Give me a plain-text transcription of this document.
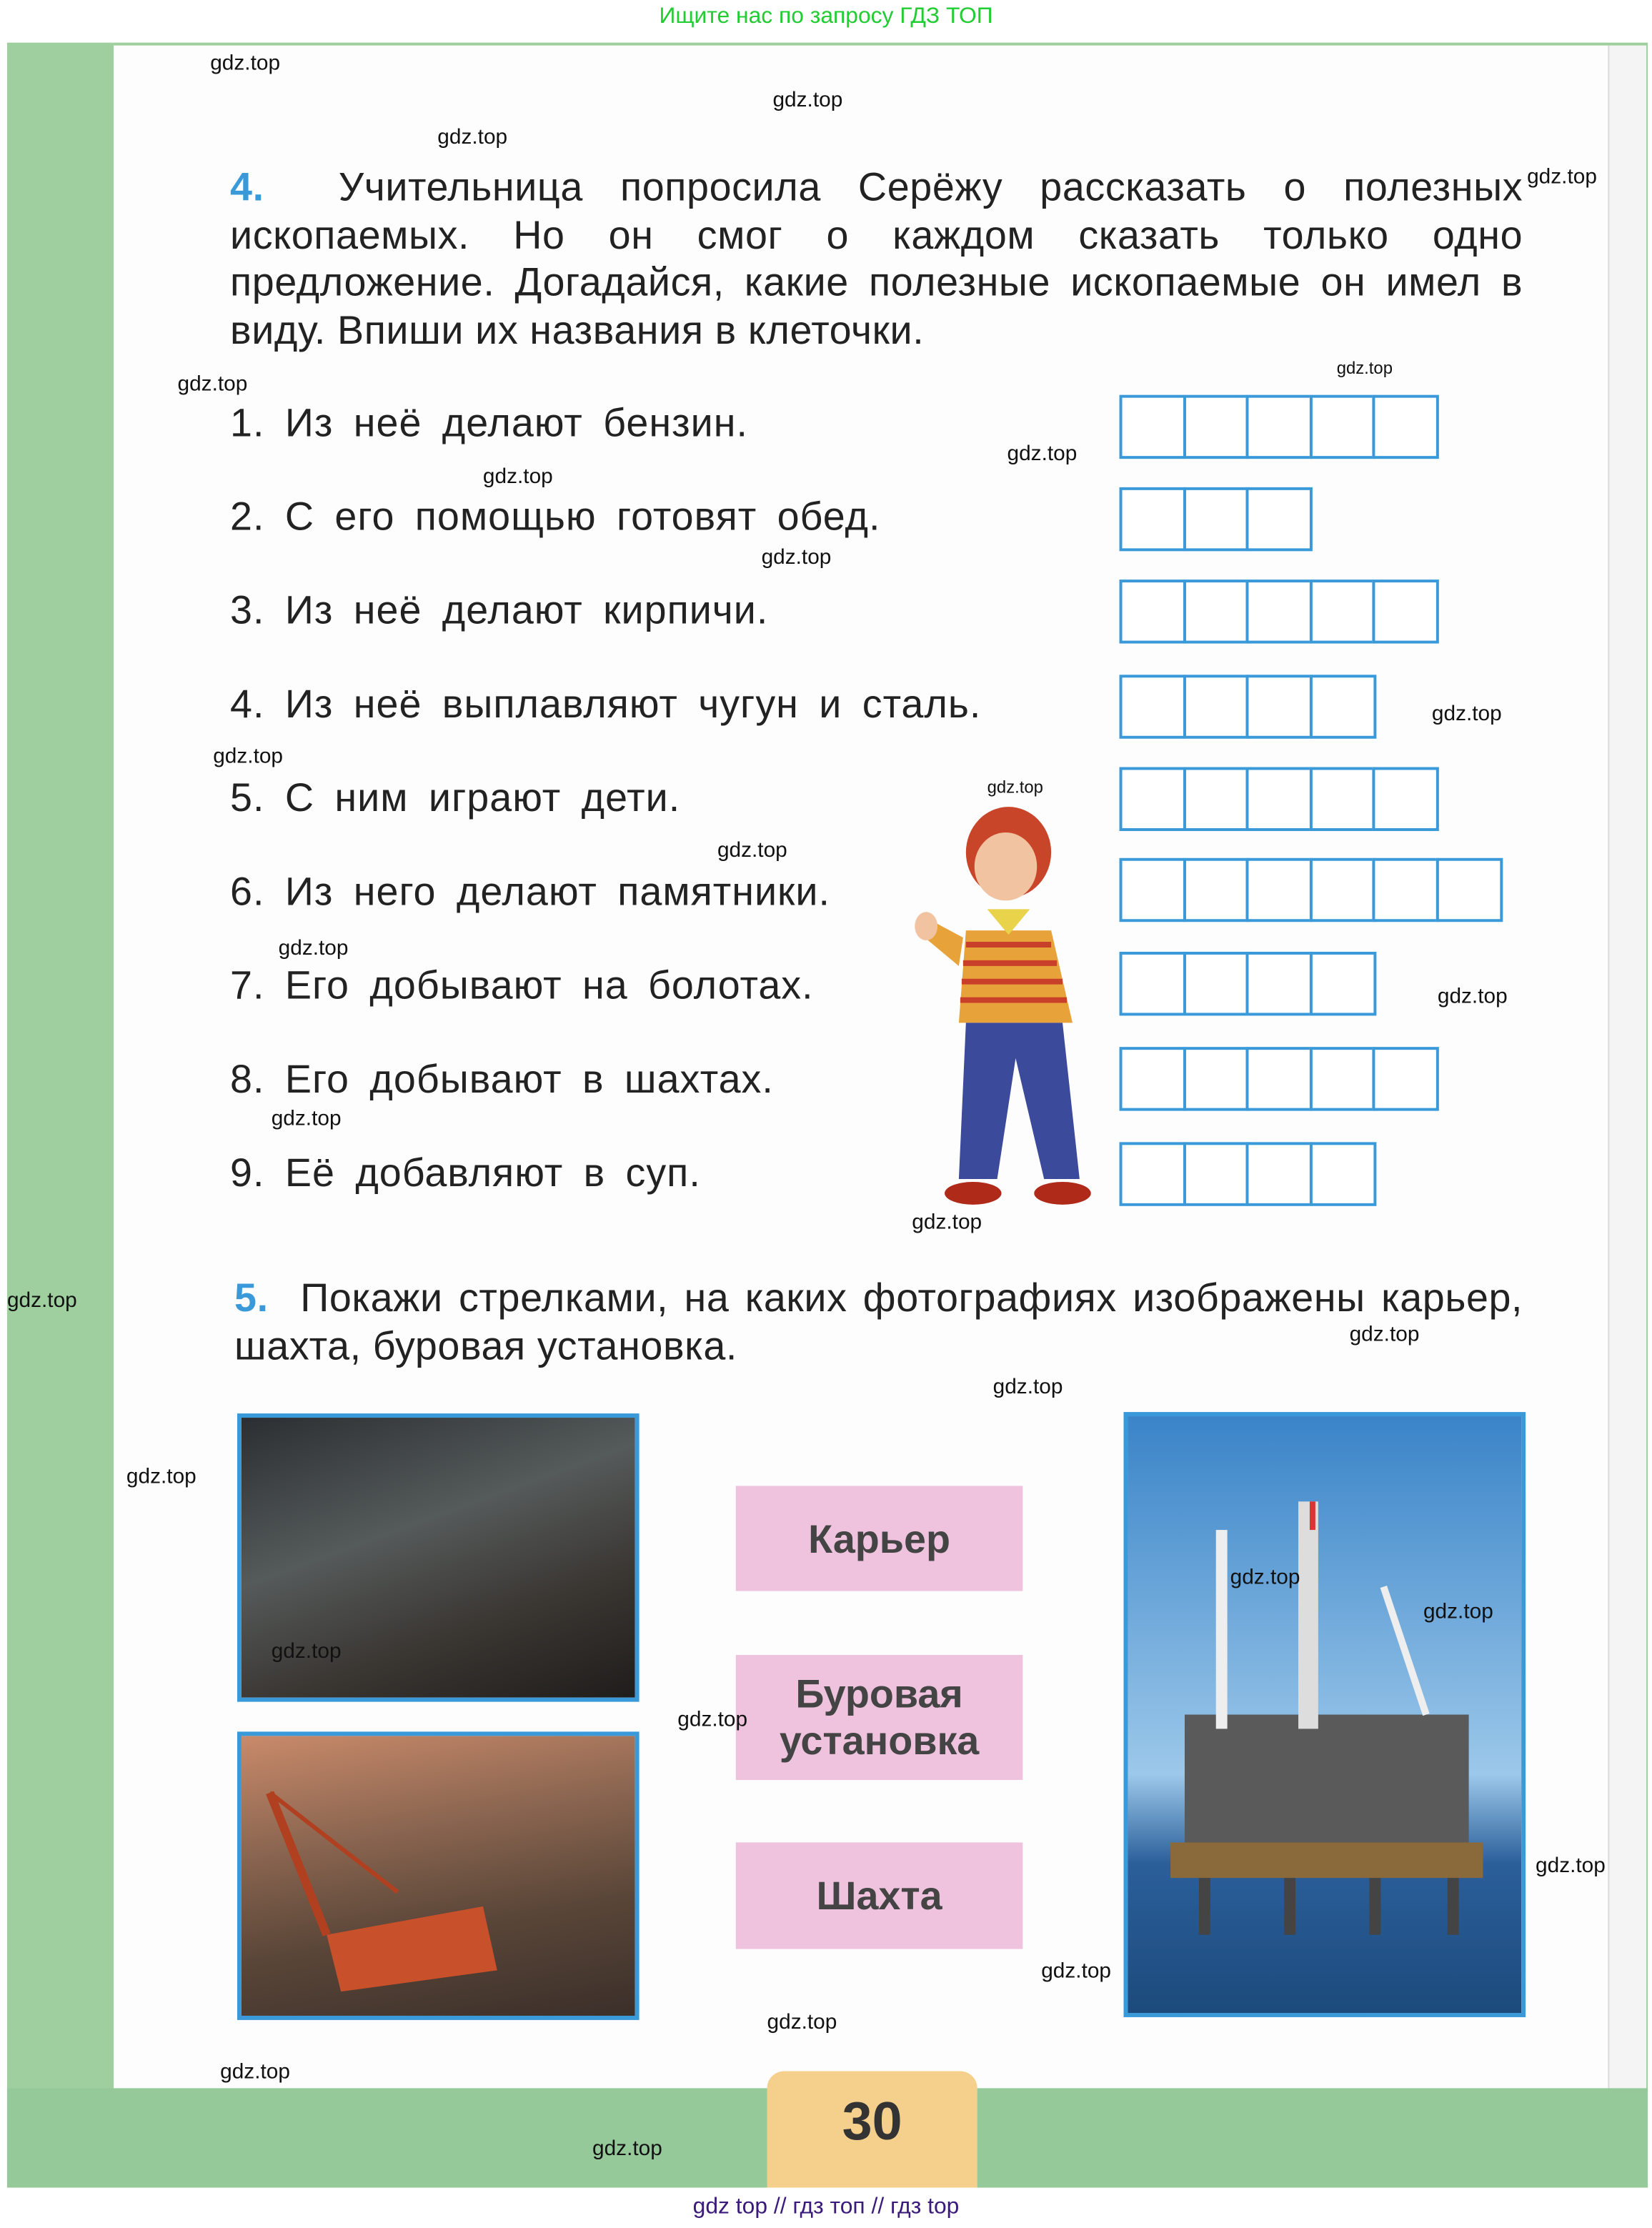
Ищите нас по запросу ГДЗ ТОП
4.	Учительница попросила Серёжу рассказать о полезных ископаемых. Но он смог о каждом сказать только одно предложение. Догадайся, какие полезные ископаемые он имел в виду. Впиши их названия в клеточки.
1. Из неё делают бензин.
2. С его помощью готовят обед.
3. Из неё делают кирпичи.
4. Из неё выплавляют чугун и сталь.
5. С ним играют дети.
6. Из него делают памятники.
7. Его добывают на болотах.
8. Его добывают в шахтах.
9. Её добавляют в суп.
5. Покажи стрелками, на каких фотографиях изображены карьер, шахта, буровая установка.
Карьер
Буровая установка
Шахта
30
gdz.top
gdz.top
gdz.top
gdz.top
gdz.top
gdz.top
gdz.top
gdz.top
gdz.top
gdz.top
gdz.top
gdz.top
gdz.top
gdz.top
gdz.top
gdz.top
gdz.top
gdz.top
gdz.top
gdz.top
gdz.top
gdz.top
gdz.top
gdz.top
gdz.top
gdz.top
gdz.top
gdz.top
gdz.top
gdz.top
gdz top // гдз топ // гдз top
